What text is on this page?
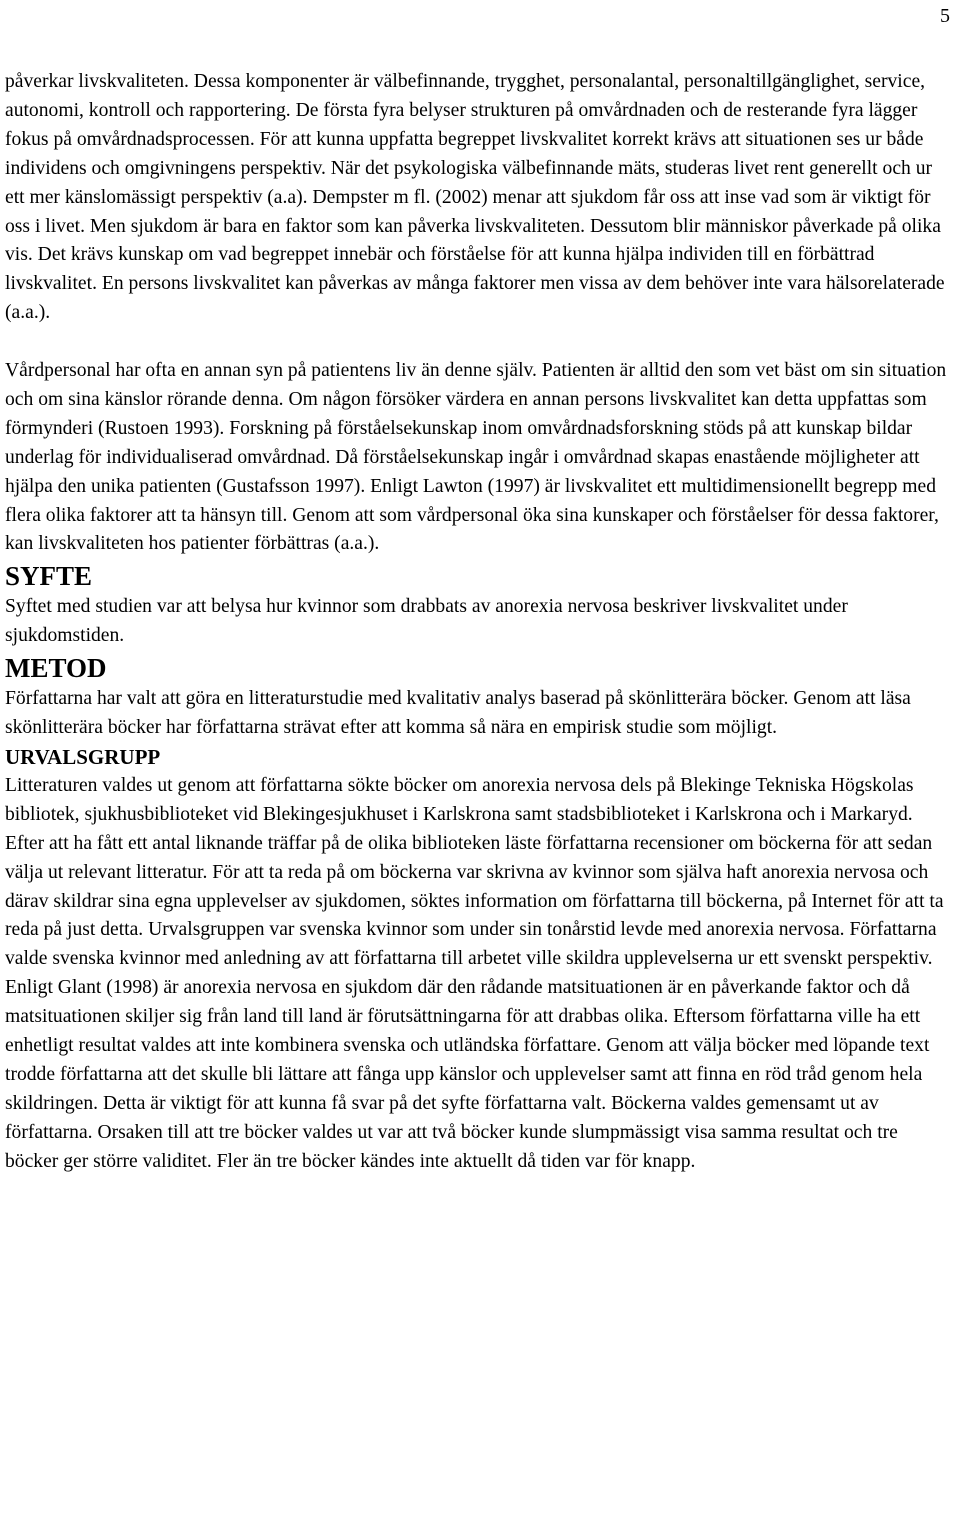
5

påverkar livskvaliteten. Dessa komponenter är välbefinnande, trygghet, personalantal, personaltillgänglighet, service, autonomi, kontroll och rapportering. De första fyra belyser strukturen på omvårdnaden och de resterande fyra lägger fokus på omvårdnadsprocessen. För att kunna uppfatta begreppet livskvalitet korrekt krävs att situationen ses ur både individens och omgivningens perspektiv. När det psykologiska välbefinnande mäts, studeras livet rent generellt och ur ett mer känslomässigt perspektiv (a.a). Dempster m fl. (2002) menar att sjukdom får oss att inse vad som är viktigt för oss i livet. Men sjukdom är bara en faktor som kan påverka livskvaliteten. Dessutom blir människor påverkade på olika vis. Det krävs kunskap om vad begreppet innebär och förståelse för att kunna hjälpa individen till en förbättrad livskvalitet. En persons livskvalitet kan påverkas av många faktorer men vissa av dem behöver inte vara hälsorelaterade (a.a.).

Vårdpersonal har ofta en annan syn på patientens liv än denne själv. Patienten är alltid den som vet bäst om sin situation och om sina känslor rörande denna. Om någon försöker värdera en annan persons livskvalitet kan detta uppfattas som förmynderi (Rustoen 1993). Forskning på förståelsekunskap inom omvårdnadsforskning stöds på att kunskap bildar underlag för individualiserad omvårdnad. Då förståelsekunskap ingår i omvårdnad skapas enastående möjligheter att hjälpa den unika patienten (Gustafsson 1997). Enligt Lawton (1997) är livskvalitet ett multidimensionellt begrepp med flera olika faktorer att ta hänsyn till. Genom att som vårdpersonal öka sina kunskaper och förståelser för dessa faktorer, kan livskvaliteten hos patienter förbättras (a.a.).

SYFTE

Syftet med studien var att belysa hur kvinnor som drabbats av anorexia nervosa beskriver livskvalitet under sjukdomstiden.

METOD

Författarna har valt att göra en litteraturstudie med kvalitativ analys baserad på skönlitterära böcker. Genom att läsa skönlitterära böcker har författarna strävat efter att komma så nära en empirisk studie som möjligt.

URVALSGRUPP

Litteraturen valdes ut genom att författarna sökte böcker om anorexia nervosa dels på Blekinge Tekniska Högskolas bibliotek, sjukhusbiblioteket vid Blekingesjukhuset i Karlskrona samt stadsbiblioteket i Karlskrona och i Markaryd. Efter att ha fått ett antal liknande träffar på de olika biblioteken läste författarna recensioner om böckerna för att sedan välja ut relevant litteratur. För att ta reda på om böckerna var skrivna av kvinnor som själva haft anorexia nervosa och därav skildrar sina egna upplevelser av sjukdomen, söktes information om författarna till böckerna, på Internet för att ta reda på just detta. Urvalsgruppen var svenska kvinnor som under sin tonårstid levde med anorexia nervosa. Författarna valde svenska kvinnor med anledning av att författarna till arbetet ville skildra upplevelserna ur ett svenskt perspektiv. Enligt Glant (1998) är anorexia nervosa en sjukdom där den rådande matsituationen är en påverkande faktor och då matsituationen skiljer sig från land till land är förutsättningarna för att drabbas olika. Eftersom författarna ville ha ett enhetligt resultat valdes att inte kombinera svenska och utländska författare. Genom att välja böcker med löpande text trodde författarna att det skulle bli lättare att fånga upp känslor och upplevelser samt att finna en röd tråd genom hela skildringen. Detta är viktigt för att kunna få svar på det syfte författarna valt. Böckerna valdes gemensamt ut av författarna. Orsaken till att tre böcker valdes ut var att två böcker kunde slumpmässigt visa samma resultat och tre böcker ger större validitet. Fler än tre böcker kändes inte aktuellt då tiden var för knapp.
